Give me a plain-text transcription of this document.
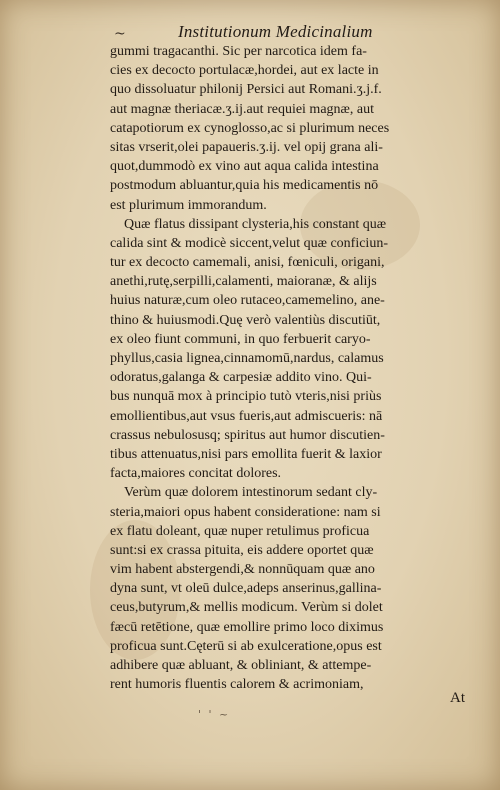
~	Institutionum Medicinalium
gummi tragacanthi. Sic per narcotica idem fa-
cies ex decocto portulacæ,hordei, aut ex lacte in
quo dissoluatur philonij Persici aut Romani.ʒ.j.f.
aut magnæ theriacæ.ʒ.ij.aut requiei magnæ, aut
catapotiorum ex cynoglosso,ac si plurimum neces
sitas vrserit,olei papaueris.ʒ.ij. vel opij grana ali-
quot,dummodò ex vino aut aqua calida intestina
postmodum abluantur,quia his medicamentis nō
est plurimum immorandum.
Quæ flatus dissipant clysteria,his constant quæ
calida sint & modicè siccent,velut quæ conficiun-
tur ex decocto camemali, anisi, fœniculi, origani,
anethi,rutę,serpilli,calamenti, maioranæ, & alijs
huius naturæ,cum oleo rutaceo,camemelino, ane-
thino & huiusmodi.Quę verò valentiùs discutiūt,
ex oleo fiunt communi, in quo ferbuerit caryo-
phyllus,casia lignea,cinnamomū,nardus, calamus
odoratus,galanga & carpesiæ addito vino. Qui-
bus nunquā mox à principio tutò vteris,nisi priùs
emollientibus,aut vsus fueris,aut admiscueris: nā
crassus nebulosusq; spiritus aut humor discutien-
tibus attenuatus,nisi pars emollita fuerit & laxior
facta,maiores concitat dolores.
Verùm quæ dolorem intestinorum sedant cly-
steria,maiori opus habent consideratione: nam si
ex flatu doleant, quæ nuper retulimus proficua
sunt:si ex crassa pituita, eis addere oportet quæ
vim habent abstergendi,& nonnūquam quæ ano
dyna sunt, vt oleū dulce,adeps anserinus,gallina-
ceus,butyrum,& mellis modicum. Verùm si dolet
fæcū retētione, quæ emollire primo loco diximus
proficua sunt.Cęterū si ab exulceratione,opus est
adhibere quæ abluant, & obliniant, & attempe-
rent humoris fluentis calorem & acrimoniam,
At
' ' ~
